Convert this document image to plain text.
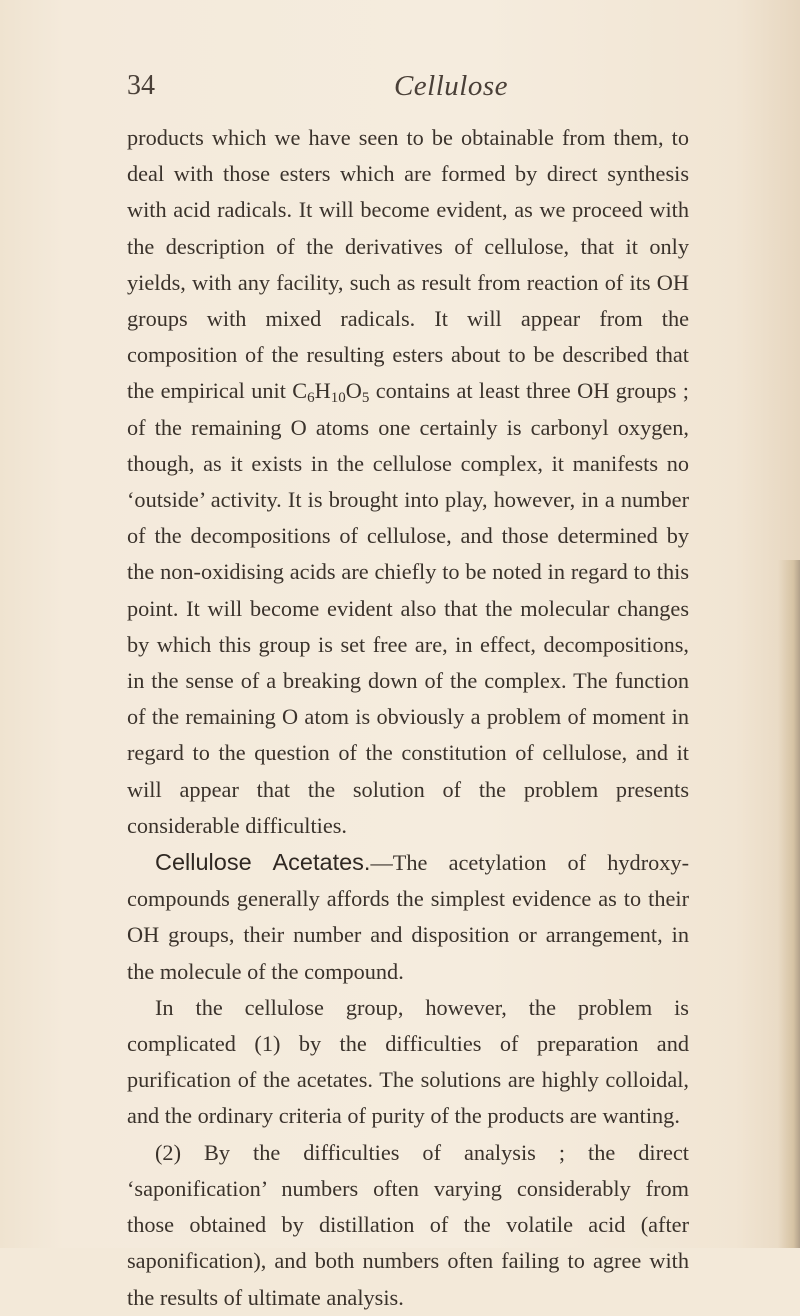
34	Cellulose

products which we have seen to be obtainable from them, to deal with those esters which are formed by direct synthesis with acid radicals. It will become evident, as we proceed with the description of the derivatives of cellulose, that it only yields, with any facility, such as result from reaction of its OH groups with mixed radicals. It will appear from the composition of the resulting esters about to be described that the empirical unit $C_6H_{10}O_5$ contains at least three OH groups ; of the remaining O atoms one certainly is carbonyl oxygen, though, as it exists in the cellulose complex, it manifests no ‘outside’ activity. It is brought into play, however, in a number of the decompositions of cellulose, and those determined by the non-oxidising acids are chiefly to be noted in regard to this point. It will become evident also that the molecular changes by which this group is set free are, in effect, decompositions, in the sense of a breaking down of the complex. The function of the remaining O atom is obviously a problem of moment in regard to the question of the constitution of cellulose, and it will appear that the solution of the problem presents considerable difficulties.

Cellulose Acetates.—The acetylation of hydroxy-compounds generally affords the simplest evidence as to their OH groups, their number and disposition or arrangement, in the molecule of the compound.

In the cellulose group, however, the problem is complicated (1) by the difficulties of preparation and purification of the acetates. The solutions are highly colloidal, and the ordinary criteria of purity of the products are wanting.

(2) By the difficulties of analysis ; the direct ‘saponification’ numbers often varying considerably from those obtained by distillation of the volatile acid (after saponification), and both numbers often failing to agree with the results of ultimate analysis.
